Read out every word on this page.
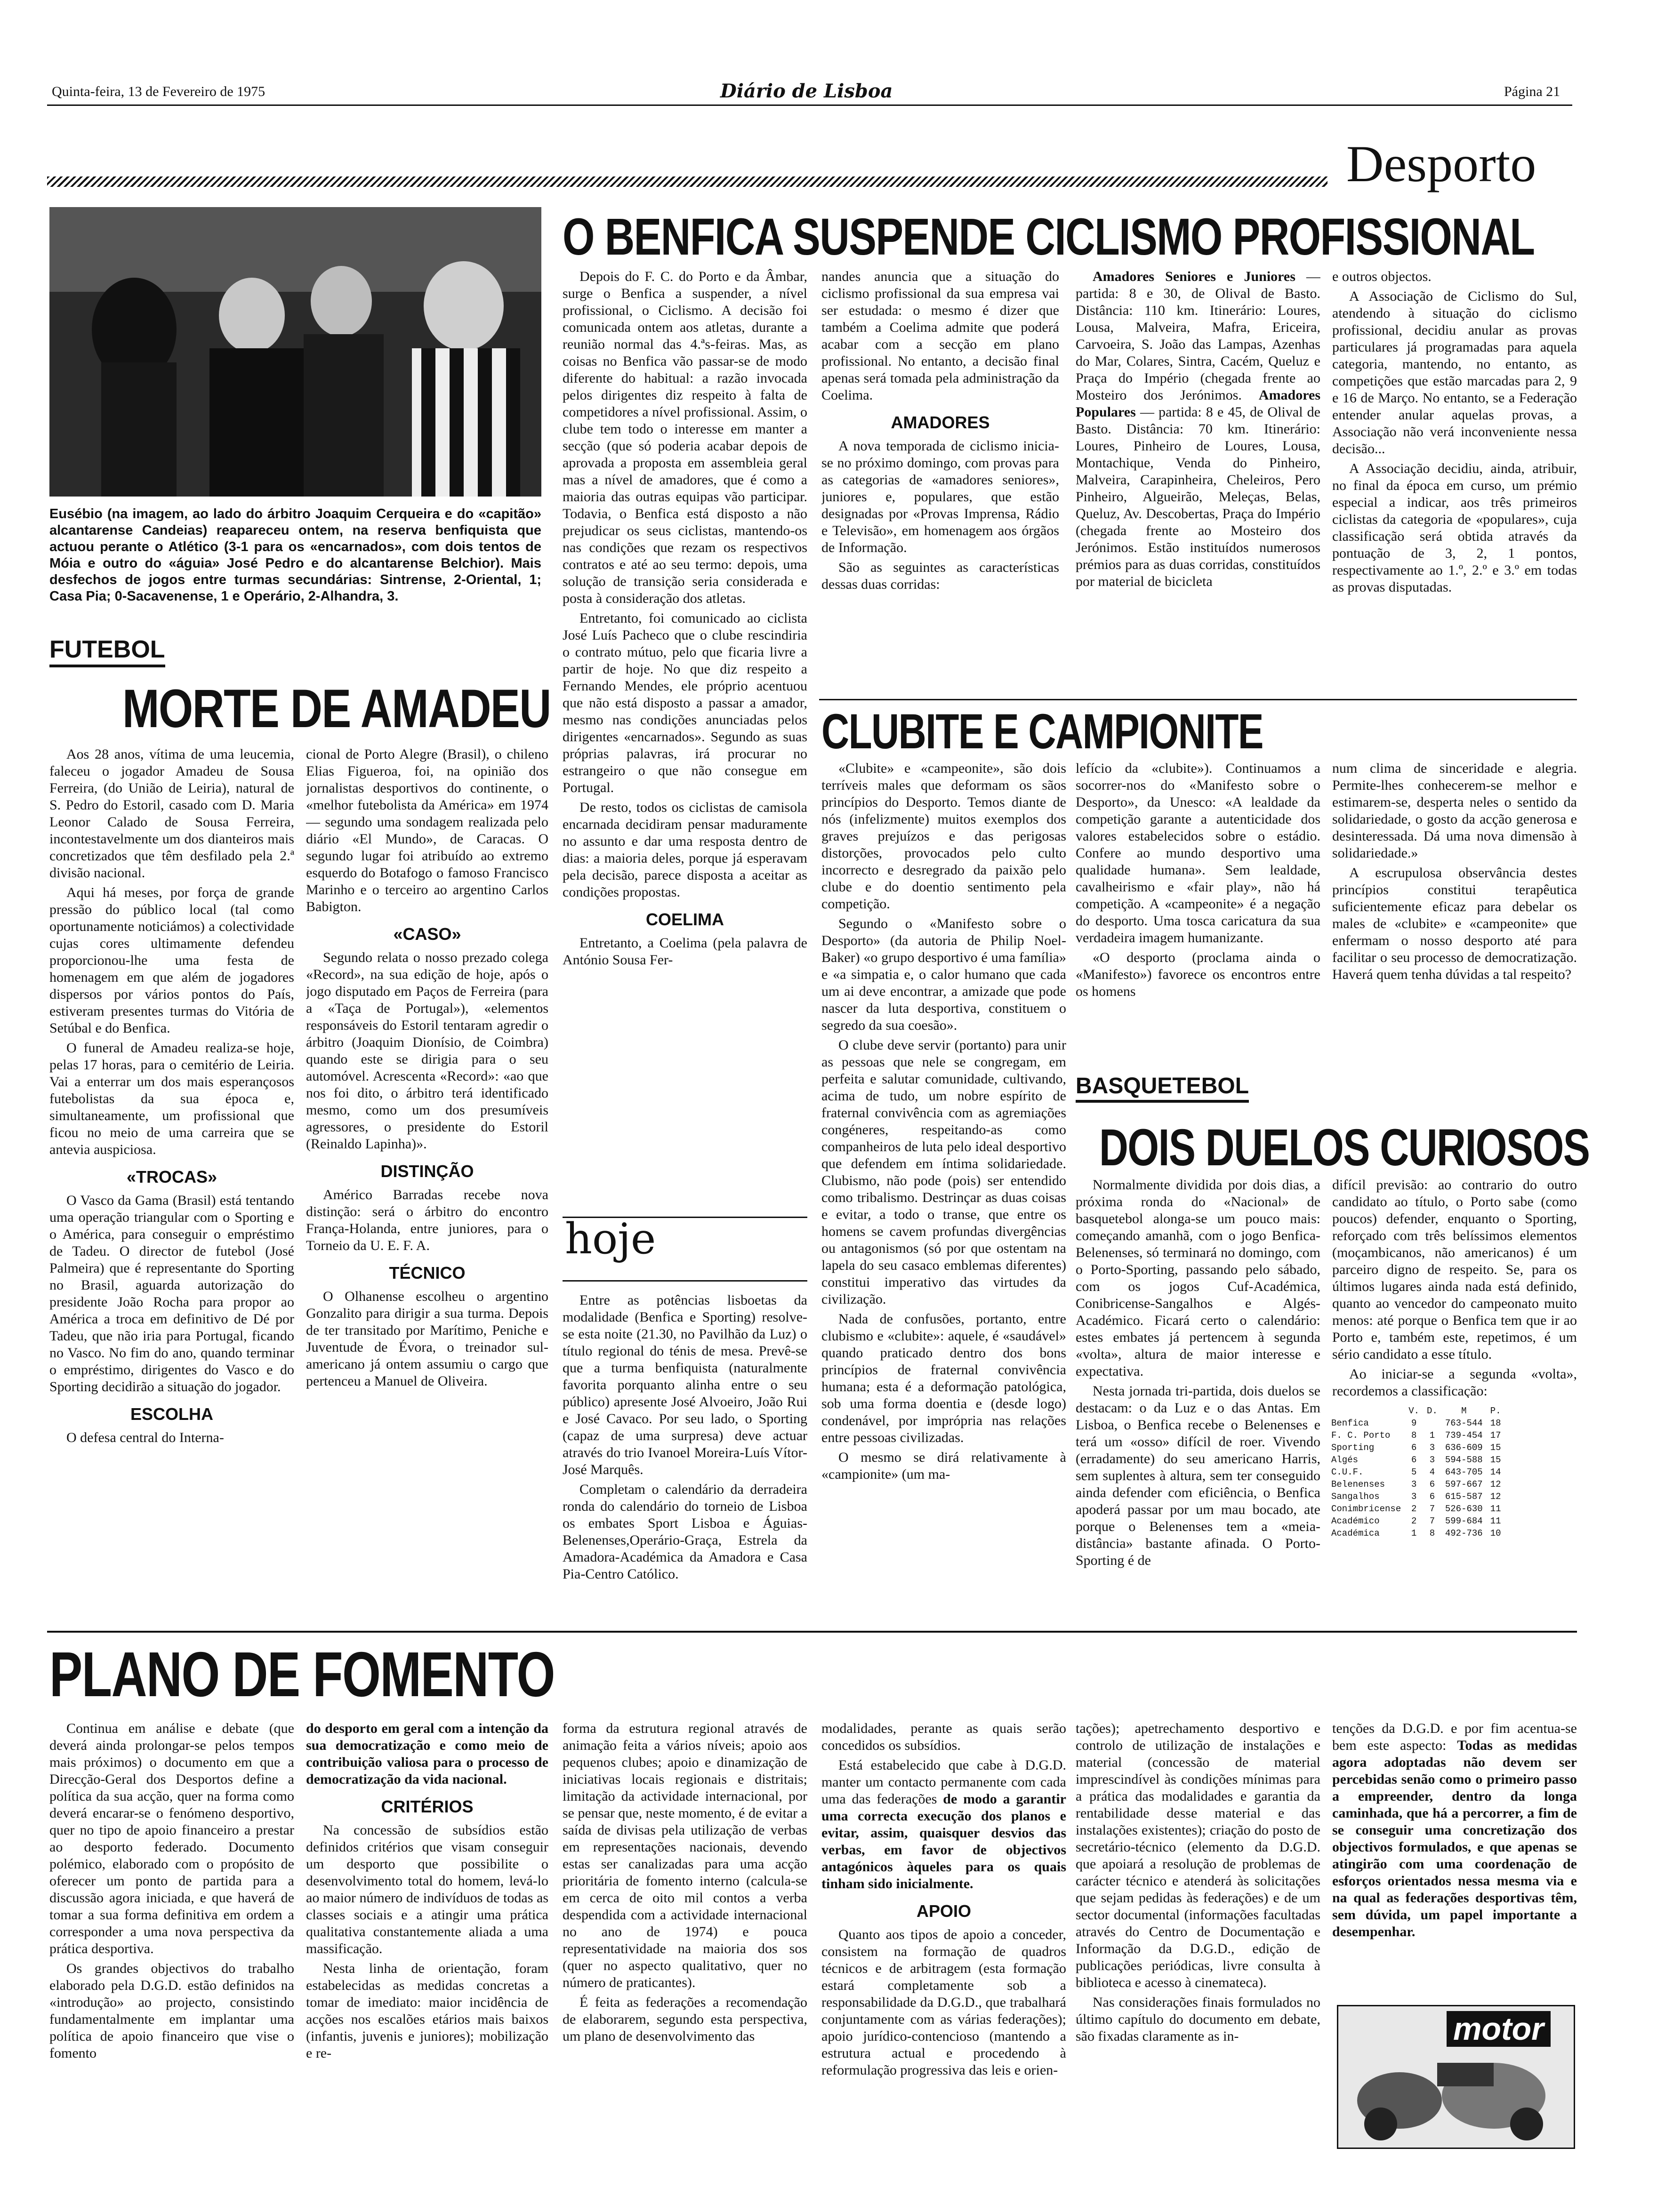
Quinta-feira, 13 de Fevereiro de 1975	Diário de Lisboa	Página 21
Desporto
O BENFICA SUSPENDE CICLISMO PROFISSIONAL
Eusébio (na imagem, ao lado do árbitro Joaquim Cerqueira e do «capitão» alcantarense Candeias) reapareceu ontem, na reserva benfiquista que actuou perante o Atlético (3-1 para os «encarnados», com dois tentos de Móia e outro do «águia» José Pedro e do alcantarense Belchior). Mais desfechos de jogos entre turmas secundárias: Sintrense, 2-Oriental, 1; Casa Pia; 0-Sacavenense, 1 e Operário, 2-Alhandra, 3.

Depois do F. C. do Porto e da Âmbar, surge o Benfica a suspender, a nível profissional, o Ciclismo. A decisão foi comunicada ontem aos atletas, durante a reunião normal das 4.ªs-feiras. Mas, as coisas no Benfica vão passar-se de modo diferente do habitual: a razão invocada pelos dirigentes diz respeito à falta de competidores a nível profissional. Assim, o clube tem todo o interesse em manter a secção (que só poderia acabar depois de aprovada a proposta em assembleia geral mas a nível de amadores, que é como a maioria das outras equipas vão participar. Todavia, o Benfica está disposto a não prejudicar os seus ciclistas, mantendo-os nas condições que rezam os respectivos contratos e até ao seu termo: depois, uma solução de transição seria considerada e posta à consideração dos atletas.

Entretanto, foi comunicado ao ciclista José Luís Pacheco que o clube rescindiria o contrato mútuo, pelo que ficaria livre a partir de hoje. No que diz respeito a Fernando Mendes, ele próprio acentuou que não está disposto a passar a amador, mesmo nas condições anunciadas pelos dirigentes «encarnados». Segundo as suas próprias palavras, irá procurar no estrangeiro o que não consegue em Portugal.

De resto, todos os ciclistas de camisola encarnada decidiram pensar maduramente no assunto e dar uma resposta dentro de dias: a maioria deles, porque já esperavam pela decisão, parece disposta a aceitar as condições propostas.

COELIMA

Entretanto, a Coelima (pela palavra de António Sousa Fer-

nandes anuncia que a situação do ciclismo profissional da sua empresa vai ser estudada: o mesmo é dizer que também a Coelima admite que poderá acabar com a secção em plano profissional. No entanto, a decisão final apenas será tomada pela administração da Coelima.

AMADORES

A nova temporada de ciclismo inicia-se no próximo domingo, com provas para as categorias de «amadores seniores», juniores e, populares, que estão designadas por «Provas Imprensa, Rádio e Televisão», em homenagem aos órgãos de Informação.

São as seguintes as características dessas duas corridas:

Amadores Seniores e Juniores — partida: 8 e 30, de Olival de Basto. Distância: 110 km. Itinerário: Loures, Lousa, Malveira, Mafra, Ericeira, Carvoeira, S. João das Lampas, Azenhas do Mar, Colares, Sintra, Cacém, Queluz e Praça do Império (chegada frente ao Mosteiro dos Jerónimos. Amadores Populares — partida: 8 e 45, de Olival de Basto. Distância: 70 km. Itinerário: Loures, Pinheiro de Loures, Lousa, Montachique, Venda do Pinheiro, Malveira, Carapinheira, Cheleiros, Pero Pinheiro, Algueirão, Meleças, Belas, Queluz, Av. Descobertas, Praça do Império (chegada frente ao Mosteiro dos Jerónimos. Estão instituídos numerosos prémios para as duas corridas, constituídos por material de bicicleta

e outros objectos.

A Associação de Ciclismo do Sul, atendendo à situação do ciclismo profissional, decidiu anular as provas particulares já programadas para aquela categoria, mantendo, no entanto, as competições que estão marcadas para 2, 9 e 16 de Março. No entanto, se a Federação entender anular aquelas provas, a Associação não verá inconveniente nessa decisão...

A Associação decidiu, ainda, atribuir, no final da época em curso, um prémio especial a indicar, aos três primeiros ciclistas da categoria de «populares», cuja classificação será obtida através da pontuação de 3, 2, 1 pontos, respectivamente ao 1.º, 2.º e 3.º em todas as provas disputadas.

FUTEBOL
MORTE DE AMADEU

Aos 28 anos, vítima de uma leucemia, faleceu o jogador Amadeu de Sousa Ferreira, (do União de Leiria), natural de S. Pedro do Estoril, casado com D. Maria Leonor Calado de Sousa Ferreira, incontestavelmente um dos dianteiros mais concretizados que têm desfilado pela 2.ª divisão nacional.

Aqui há meses, por força de grande pressão do público local (tal como oportunamente noticiámos) a colectividade cujas cores ultimamente defendeu proporcionou-lhe uma festa de homenagem em que além de jogadores dispersos por vários pontos do País, estiveram presentes turmas do Vitória de Setúbal e do Benfica.

O funeral de Amadeu realiza-se hoje, pelas 17 horas, para o cemitério de Leiria. Vai a enterrar um dos mais esperançosos futebolistas da sua época e, simultaneamente, um profissional que ficou no meio de uma carreira que se antevia auspiciosa.

«TROCAS»

O Vasco da Gama (Brasil) está tentando uma operação triangular com o Sporting e o América, para conseguir o empréstimo de Tadeu. O director de futebol (José Palmeira) que é representante do Sporting no Brasil, aguarda autorização do presidente João Rocha para propor ao América a troca em definitivo de Dé por Tadeu, que não iria para Portugal, ficando no Vasco. No fim do ano, quando terminar o empréstimo, dirigentes do Vasco e do Sporting decidirão a situação do jogador.

ESCOLHA

O defesa central do Interna-

cional de Porto Alegre (Brasil), o chileno Elias Figueroa, foi, na opinião dos jornalistas desportivos do continente, o «melhor futebolista da América» em 1974 — segundo uma sondagem realizada pelo diário «El Mundo», de Caracas. O segundo lugar foi atribuído ao extremo esquerdo do Botafogo o famoso Francisco Marinho e o terceiro ao argentino Carlos Babigton.

«CASO»

Segundo relata o nosso prezado colega «Record», na sua edição de hoje, após o jogo disputado em Paços de Ferreira (para a «Taça de Portugal»), «elementos responsáveis do Estoril tentaram agredir o árbitro (Joaquim Dionísio, de Coimbra) quando este se dirigia para o seu automóvel. Acrescenta «Record»: «ao que nos foi dito, o árbitro terá identificado mesmo, como um dos presumíveis agressores, o presidente do Estoril (Reinaldo Lapinha)».

DISTINÇÃO

Américo Barradas recebe nova distinção: será o árbitro do encontro França-Holanda, entre juniores, para o Torneio da U. E. F. A.

TÉCNICO

O Olhanense escolheu o argentino Gonzalito para dirigir a sua turma. Depois de ter transitado por Marítimo, Peniche e Juventude de Évora, o treinador sul-americano já ontem assumiu o cargo que pertenceu a Manuel de Oliveira.

hoje

Entre as potências lisboetas da modalidade (Benfica e Sporting) resolve-se esta noite (21.30, no Pavilhão da Luz) o título regional do ténis de mesa. Prevê-se que a turma benfiquista (naturalmente favorita porquanto alinha entre o seu público) apresente José Alvoeiro, João Rui e José Cavaco. Por seu lado, o Sporting (capaz de uma surpresa) deve actuar através do trio Ivanoel Moreira-Luís Vítor-José Marquês.

Completam o calendário da derradeira ronda do calendário do torneio de Lisboa os embates Sport Lisboa e Águias-Belenenses,Operário-Graça, Estrela da Amadora-Académica da Amadora e Casa Pia-Centro Católico.

CLUBITE E CAMPIONITE

«Clubite» e «campeonite», são dois terríveis males que deformam os sãos princípios do Desporto. Temos diante de nós (infelizmente) muitos exemplos dos graves prejuízos e das perigosas distorções, provocados pelo culto incorrecto e desregrado da paixão pelo clube e do doentio sentimento pela competição.

Segundo o «Manifesto sobre o Desporto» (da autoria de Philip Noel-Baker) «o grupo desportivo é uma família» e «a simpatia e, o calor humano que cada um ai deve encontrar, a amizade que pode nascer da luta desportiva, constituem o segredo da sua coesão».

O clube deve servir (portanto) para unir as pessoas que nele se congregam, em perfeita e salutar comunidade, cultivando, acima de tudo, um nobre espírito de fraternal convivência com as agremiações congéneres, respeitando-as como companheiros de luta pelo ideal desportivo que defendem em íntima solidariedade. Clubismo, não pode (pois) ser entendido como tribalismo. Destrinçar as duas coisas e evitar, a todo o transe, que entre os homens se cavem profundas divergências ou antagonismos (só por que ostentam na lapela do seu casaco emblemas diferentes) constitui imperativo das virtudes da civilização.

Nada de confusões, portanto, entre clubismo e «clubite»: aquele, é «saudável» quando praticado dentro dos bons princípios de fraternal convivência humana; esta é a deformação patológica, sob uma forma doentia e (desde logo) condenável, por imprópria nas relações entre pessoas civilizadas.

O mesmo se dirá relativamente à «campionite» (um ma-

lefício da «clubite»). Continuamos a socorrer-nos do «Manifesto sobre o Desporto», da Unesco: «A lealdade da competição garante a autenticidade dos valores estabelecidos sobre o estádio. Confere ao mundo desportivo uma qualidade humana». Sem lealdade, cavalheirismo e «fair play», não há competição. A «campeonite» é a negação do desporto. Uma tosca caricatura da sua verdadeira imagem humanizante.

«O desporto (proclama ainda o «Manifesto») favorece os encontros entre os homens

num clima de sinceridade e alegria. Permite-lhes conhecerem-se melhor e estimarem-se, desperta neles o sentido da solidariedade, o gosto da acção generosa e desinteressada. Dá uma nova dimensão à solidariedade.»

A escrupulosa observância destes princípios constitui terapêutica suficientemente eficaz para debelar os males de «clubite» e «campeonite» que enfermam o nosso desporto até para facilitar o seu processo de democratização. Haverá quem tenha dúvidas a tal respeito?

BASQUETEBOL
DOIS DUELOS CURIOSOS

Normalmente dividida por dois dias, a próxima ronda do «Nacional» de basquetebol alonga-se um pouco mais: começando amanhã, com o jogo Benfica-Belenenses, só terminará no domingo, com o Porto-Sporting, passando pelo sábado, com os jogos Cuf-Académica, Conibricense-Sangalhos e Algés-Académico. Ficará certo o calendário: estes embates já pertencem à segunda «volta», altura de maior interesse e expectativa.

Nesta jornada tri-partida, dois duelos se destacam: o da Luz e o das Antas. Em Lisboa, o Benfica recebe o Belenenses e terá um «osso» difícil de roer. Vivendo (erradamente) do seu americano Harris, sem suplentes à altura, sem ter conseguido ainda defender com eficiência, o Benfica apoderá passar por um mau bocado, ate porque o Belenenses tem a «meia-distância» bastante afinada. O Porto-Sporting é de

difícil previsão: ao contrario do outro candidato ao título, o Porto sabe (como poucos) defender, enquanto o Sporting, reforçado com três belíssimos elementos (moçambicanos, não americanos) é um parceiro digno de respeito. Se, para os últimos lugares ainda nada está definido, quanto ao vencedor do campeonato muito menos: até porque o Benfica tem que ir ao Porto e, também este, repetimos, é um sério candidato a esse título.

Ao iniciar-se a segunda «volta», recordemos a classificação:

	V.	D.	M	P.
Benfica	9		763-544	18
F. C. Porto	8	1	739-454	17
Sporting	6	3	636-609	15
Algés	6	3	594-588	15
C.U.F.	5	4	643-705	14
Belenenses	3	6	597-667	12
Sangalhos	3	6	615-587	12
Conimbricense	2	7	526-630	11
Académico	2	7	599-684	11
Académica	1	8	492-736	10
PLANO DE FOMENTO

Continua em análise e debate (que deverá ainda prolongar-se pelos tempos mais próximos) o documento em que a Direcção-Geral dos Desportos define a política da sua acção, quer na forma como deverá encarar-se o fenómeno desportivo, quer no tipo de apoio financeiro a prestar ao desporto federado. Documento polémico, elaborado com o propósito de oferecer um ponto de partida para a discussão agora iniciada, e que haverá de tomar a sua forma definitiva em ordem a corresponder a uma nova perspectiva da prática desportiva.

Os grandes objectivos do trabalho elaborado pela D.G.D. estão definidos na «introdução» ao projecto, consistindo fundamentalmente em implantar uma política de apoio financeiro que vise o fomento

do desporto em geral com a intenção da sua democratização e como meio de contribuição valiosa para o processo de democratização da vida nacional.

CRITÉRIOS

Na concessão de subsídios estão definidos critérios que visam conseguir um desporto que possibilite o desenvolvimento total do homem, levá-lo ao maior número de indivíduos de todas as classes sociais e a atingir uma prática qualitativa constantemente aliada a uma massificação.

Nesta linha de orientação, foram estabelecidas as medidas concretas a tomar de imediato: maior incidência de acções nos escalões etários mais baixos (infantis, juvenis e juniores); mobilização e re-

forma da estrutura regional através de animação feita a vários níveis; apoio aos pequenos clubes; apoio e dinamização de iniciativas locais regionais e distritais; limitação da actividade internacional, por se pensar que, neste momento, é de evitar a saída de divisas pela utilização de verbas em representações nacionais, devendo estas ser canalizadas para uma acção prioritária de fomento interno (calcula-se em cerca de oito mil contos a verba despendida com a actividade internacional no ano de 1974) e pouca representatividade na maioria dos sos (quer no aspecto qualitativo, quer no número de praticantes).

É feita as federações a recomendação de elaborarem, segundo esta perspectiva, um plano de desenvolvimento das

modalidades, perante as quais serão concedidos os subsídios.

Está estabelecido que cabe à D.G.D. manter um contacto permanente com cada uma das federações de modo a garantir uma correcta execução dos planos e evitar, assim, quaisquer desvios das verbas, em favor de objectivos antagónicos àqueles para os quais tinham sido inicialmente.

APOIO

Quanto aos tipos de apoio a conceder, consistem na formação de quadros técnicos e de arbitragem (esta formação estará completamente sob a responsabilidade da D.G.D., que trabalhará conjuntamente com as várias federações); apoio jurídico-contencioso (mantendo a estrutura actual e procedendo à reformulação progressiva das leis e orien-

tações); apetrechamento desportivo e controlo de utilização de instalações e material (concessão de material imprescindível às condições mínimas para a prática das modalidades e garantia da rentabilidade desse material e das instalações existentes); criação do posto de secretário-técnico (elemento da D.G.D. que apoiará a resolução de problemas de carácter técnico e atenderá às solicitações que sejam pedidas às federações) e de um sector documental (informações facultadas através do Centro de Documentação e Informação da D.G.D., edição de publicações periódicas, livre consulta à biblioteca e acesso à cinemateca).

Nas considerações finais formulados no último capítulo do documento em debate, são fixadas claramente as in-

tenções da D.G.D. e por fim acentua-se bem este aspecto: Todas as medidas agora adoptadas não devem ser percebidas senão como o primeiro passo a empreender, dentro da longa caminhada, que há a percorrer, a fim de se conseguir uma concretização dos objectivos formulados, e que apenas se atingirão com uma coordenação de esforços orientados nessa mesma via e na qual as federações desportivas têm, sem dúvida, um papel importante a desempenhar.

motor
